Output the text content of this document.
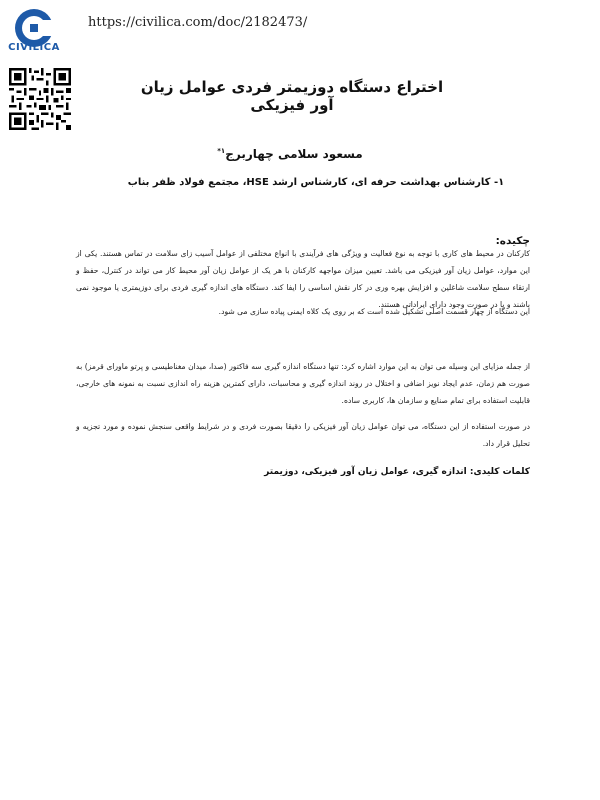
CIVILICA
https://civilica.com/doc/2182473/
اختراع دستگاه دوزیمتر فردی عوامل زیان آور فیزیکی
مسعود سلامی چهاربرج$^{۱*}$
۱- کارشناس بهداشت حرفه ای، کارشناس ارشد HSE، مجتمع فولاد ظفر بناب
چکیده:
کارکنان در محیط های کاری با توجه به نوع فعالیت و ویژگی های فرآیندی با انواع مختلفی از عوامل آسیب زای سلامت در تماس هستند. یکی از این موارد، عوامل زیان آور فیزیکی می باشد. تعیین میزان مواجهه کارکنان با هر یک از عوامل زیان آور محیط کار می تواند در کنترل، حفظ و ارتقاء سطح سلامت شاغلین و افزایش بهره وری در کار نقش اساسی را ایفا کند. دستگاه های اندازه گیری فردی برای دوزیمتری یا موجود نمی باشند و یا در صورت وجود دارای ایراداتی هستند.
این دستگاه از چهار قسمت اصلی تشکیل شده است که بر روی یک کلاه ایمنی پیاده سازی می شود.
از جمله مزایای این وسیله می توان به این موارد اشاره کرد: تنها دستگاه اندازه گیری سه فاکتور (صدا، میدان مغناطیسی و پرتو ماورای قرمز) به صورت هم زمان، عدم ایجاد نویز اضافی و اختلال در روند اندازه گیری و محاسبات، دارای کمترین هزینه راه اندازی نسبت به نمونه های خارجی، قابلیت استفاده برای تمام صنایع و سازمان ها، کاربری ساده.
در صورت استفاده از این دستگاه، می توان عوامل زیان آور فیزیکی را دقیقا بصورت فردی و در شرایط واقعی سنجش نموده و مورد تجزیه و تحلیل قرار داد.
کلمات کلیدی: اندازه گیری، عوامل زیان آور فیزیکی، دوزیمتر
